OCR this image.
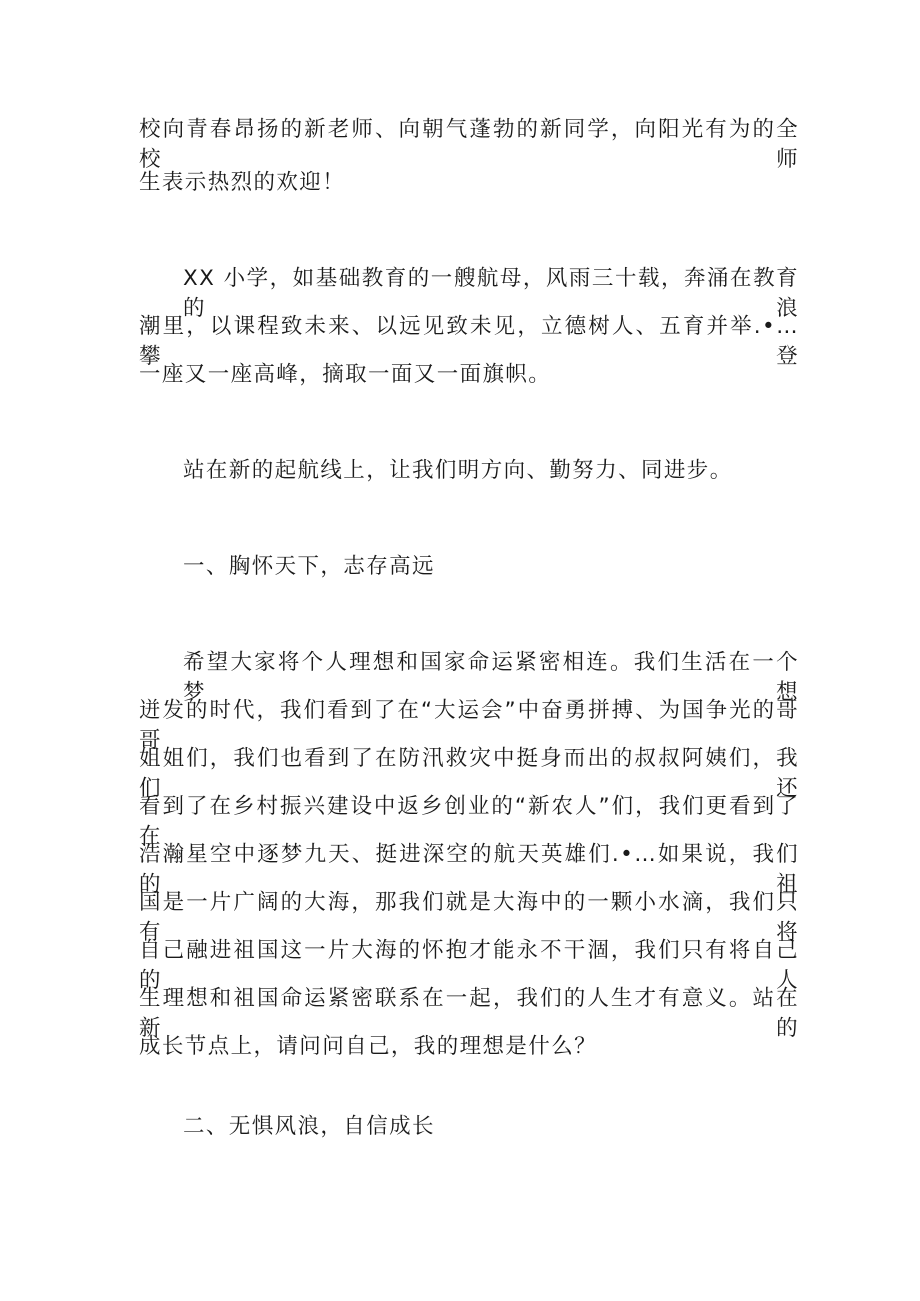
校向青春昂扬的新老师、向朝气蓬勃的新同学，向阳光有为的全校师
生表示热烈的欢迎！
XX 小学，如基础教育的一艘航母，风雨三十载，奔涌在教育的浪
潮里，以课程致未来、以远见致未见，立德树人、五育并举.•…攀登
一座又一座高峰，摘取一面又一面旗帜。
站在新的起航线上，让我们明方向、勤努力、同进步。
一、胸怀天下，志存高远
希望大家将个人理想和国家命运紧密相连。我们生活在一个梦想
迸发的时代，我们看到了在“大运会”中奋勇拼搏、为国争光的哥哥
姐姐们，我们也看到了在防汛救灾中挺身而出的叔叔阿姨们，我们还
看到了在乡村振兴建设中返乡创业的“新农人”们，我们更看到了在
浩瀚星空中逐梦九天、挺进深空的航天英雄们.•…如果说，我们的祖
国是一片广阔的大海，那我们就是大海中的一颗小水滴，我们只有将
自己融进祖国这一片大海的怀抱才能永不干涸，我们只有将自己的人
生理想和祖国命运紧密联系在一起，我们的人生才有意义。站在新的
成长节点上，请问问自己，我的理想是什么？
二、无惧风浪，自信成长
